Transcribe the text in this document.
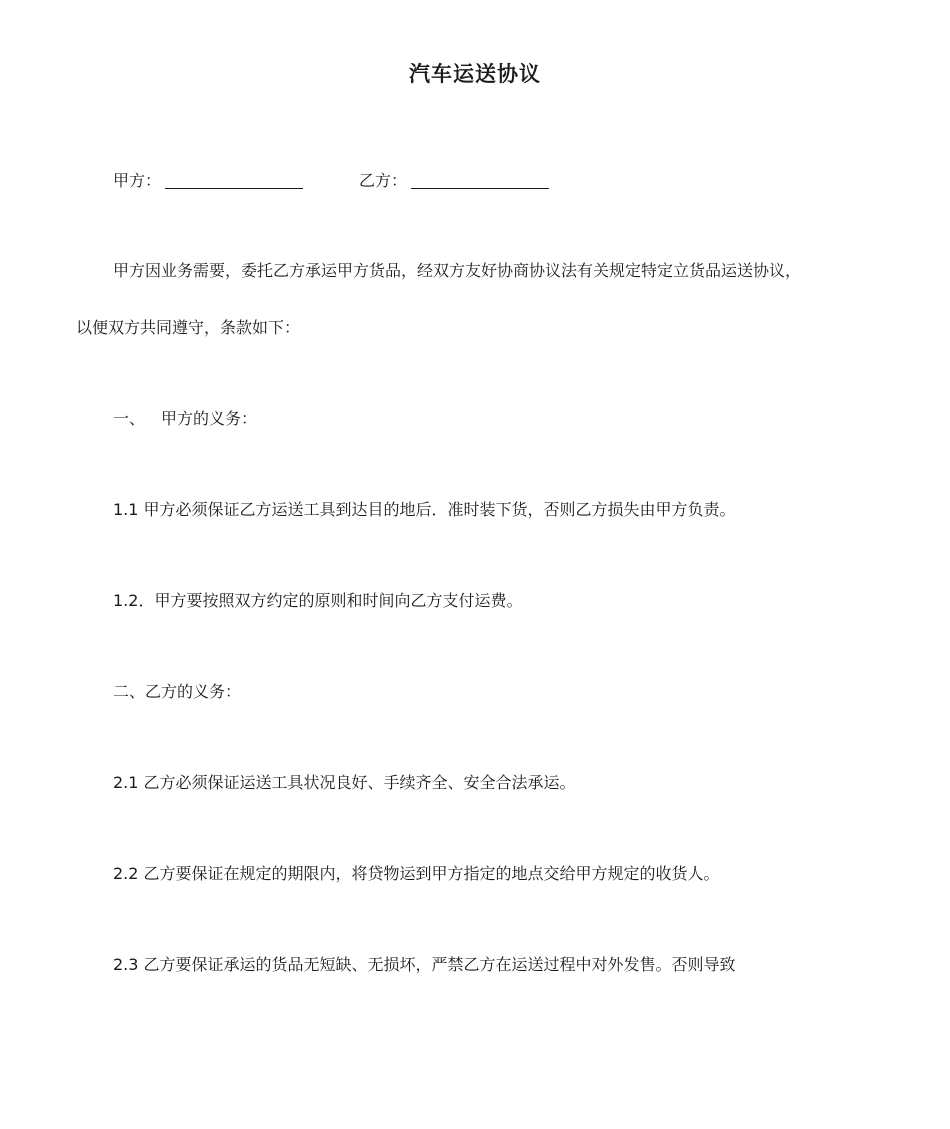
汽车运送协议
甲方：	乙方：
甲方因业务需要，委托乙方承运甲方货品，经双方友好协商协议法有关规定特定立货品运送协议，
以便双方共同遵守，条款如下：
一、 甲方的义务：
1.1 甲方必须保证乙方运送工具到达目的地后．准时装下货，否则乙方损失由甲方负责。
1.2．甲方要按照双方约定的原则和时间向乙方支付运费。
二、乙方的义务：
2.1 乙方必须保证运送工具状况良好、手续齐全、安全合法承运。
2.2 乙方要保证在规定的期限内，将贷物运到甲方指定的地点交给甲方规定的收货人。
2.3 乙方要保证承运的货品无短缺、无损坏，严禁乙方在运送过程中对外发售。否则导致
